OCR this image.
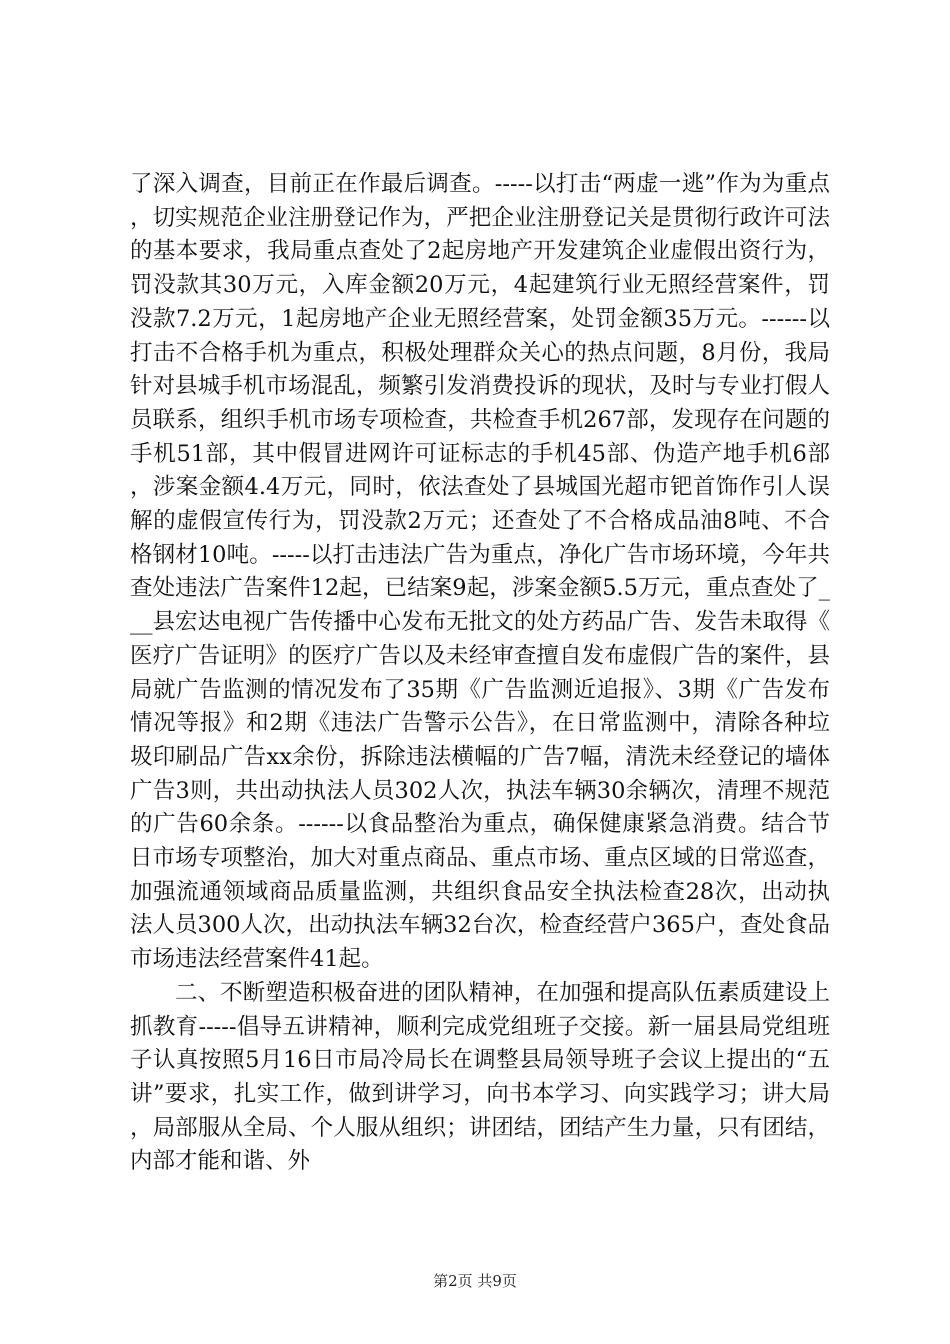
了深入调查，目前正在作最后调查。-----以打击“两虚一逃”作为为重点，切实规范企业注册登记作为，严把企业注册登记关是贯彻行政许可法的基本要求，我局重点查处了2起房地产开发建筑企业虚假出资行为，罚没款其30万元，入库金额20万元，4起建筑行业无照经营案件，罚没款7.2万元，1起房地产企业无照经营案，处罚金额35万元。------以打击不合格手机为重点，积极处理群众关心的热点问题，8月份，我局针对县城手机市场混乱，频繁引发消费投诉的现状，及时与专业打假人员联系，组织手机市场专项检查，共检查手机267部，发现存在问题的手机51部，其中假冒进网许可证标志的手机45部、伪造产地手机6部，涉案金额4.4万元，同时，依法查处了县城国光超市钯首饰作引人误解的虚假宣传行为，罚没款2万元；还查处了不合格成品油8吨、不合格钢材10吨。-----以打击违法广告为重点，净化广告市场环境，今年共查处违法广告案件12起，已结案9起，涉案金额5.5万元，重点查处了___县宏达电视广告传播中心发布无批文的处方药品广告、发告未取得《医疗广告证明》的医疗广告以及未经审查擅自发布虚假广告的案件，县局就广告监测的情况发布了35期《广告监测近追报》、3期《广告发布情况等报》和2期《违法广告警示公告》，在日常监测中，清除各种垃圾印刷品广告xx余份，拆除违法横幅的广告7幅，清洗未经登记的墙体广告3则，共出动执法人员302人次，执法车辆30余辆次，清理不规范的广告60余条。------以食品整治为重点，确保健康紧急消费。结合节日市场专项整治，加大对重点商品、重点市场、重点区域的日常巡查，加强流通领域商品质量监测，共组织食品安全执法检查28次，出动执法人员300人次，出动执法车辆32台次，检查经营户365户，查处食品市场违法经营案件41起。

二、不断塑造积极奋进的团队精神，在加强和提高队伍素质建设上抓教育-----倡导五讲精神，顺利完成党组班子交接。新一届县局党组班子认真按照5月16日市局冷局长在调整县局领导班子会议上提出的“五讲”要求，扎实工作，做到讲学习，向书本学习、向实践学习；讲大局，局部服从全局、个人服从组织；讲团结，团结产生力量，只有团结，内部才能和谐、外

第2页 共9页
